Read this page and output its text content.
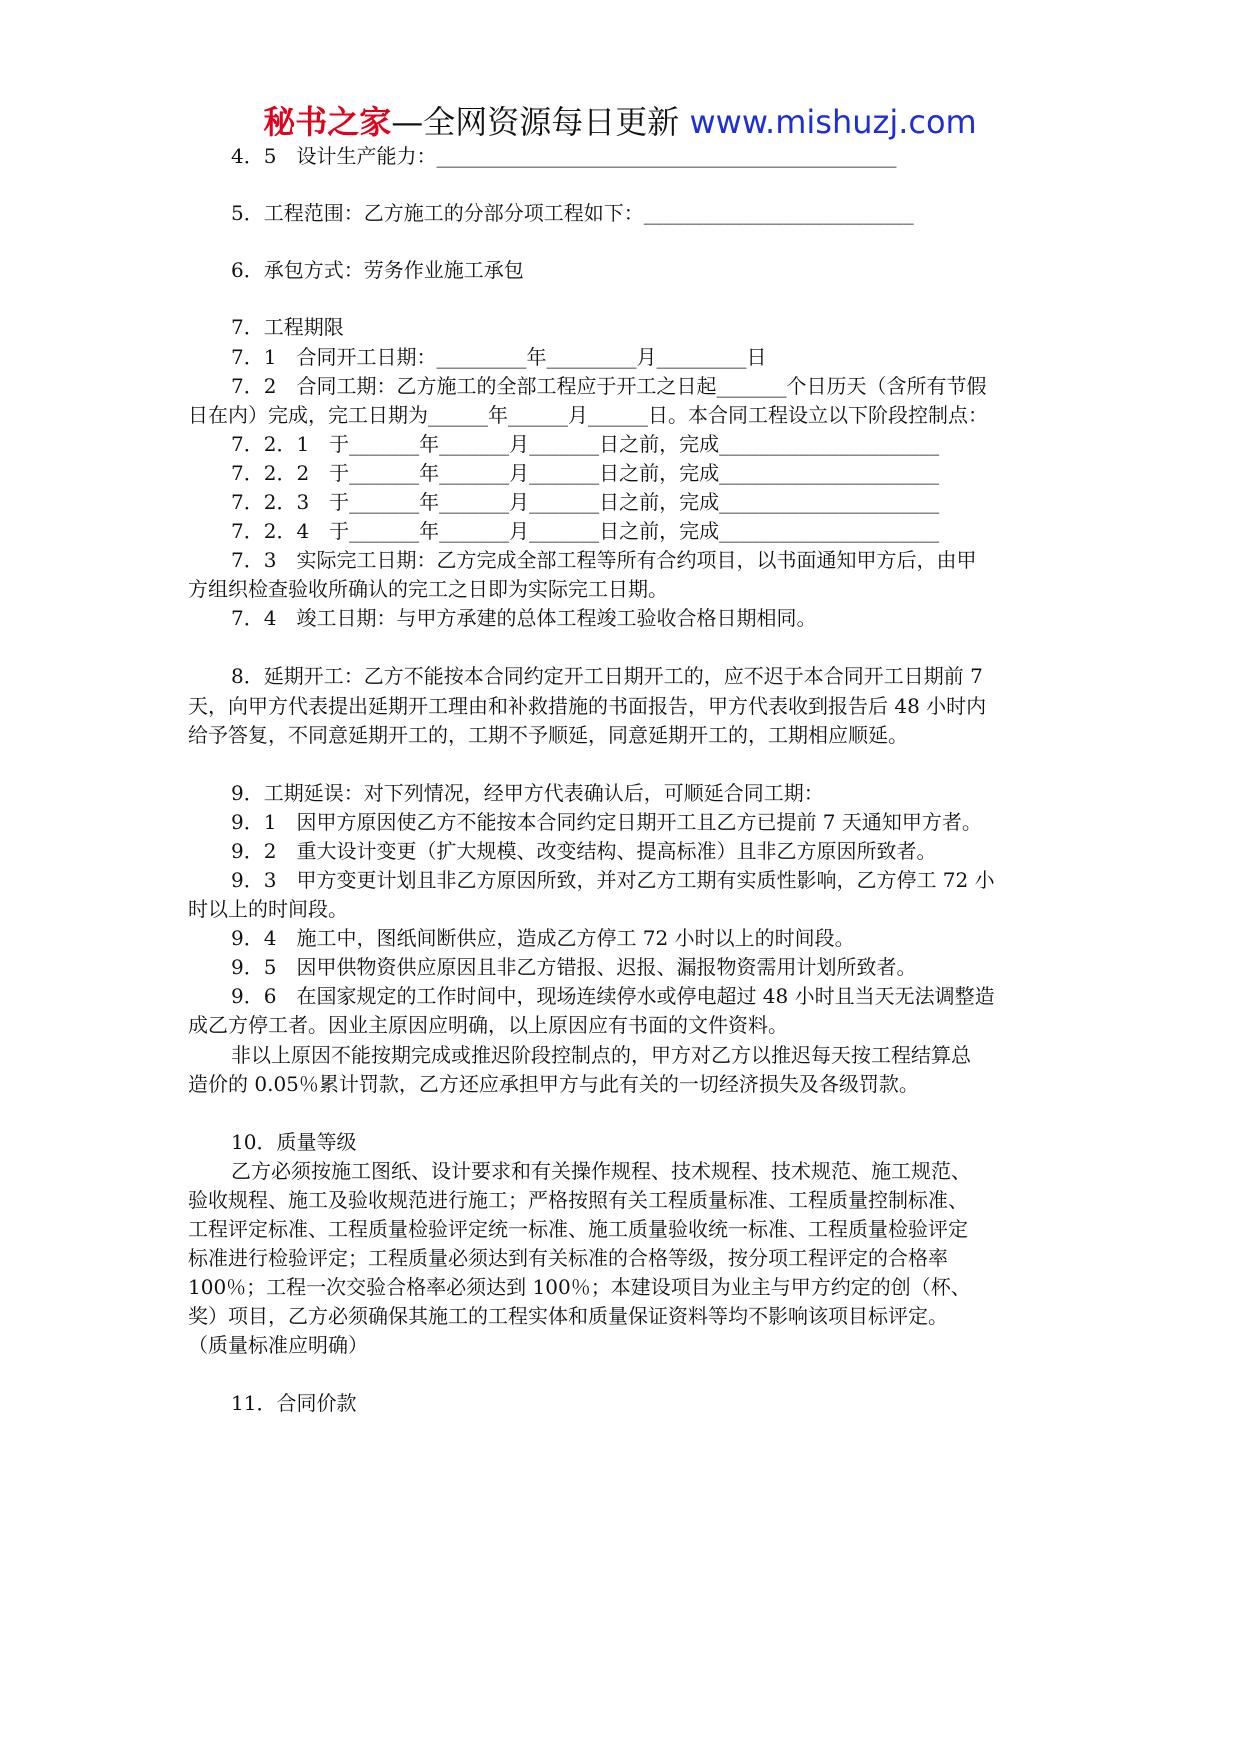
秘书之家—全网资源每日更新 www.mishuzj.com
4．5　设计生产能力：______________________________________________
5．工程范围：乙方施工的分部分项工程如下：___________________________
6．承包方式：劳务作业施工承包
7．工程期限
7．1　合同开工日期：_________年_________月_________日
7．2　合同工期：乙方施工的全部工程应于开工之日起_______个日历天（含所有节假
日在内）完成，完工日期为______年______月______日。本合同工程设立以下阶段控制点：
7．2．1　于_______年_______月_______日之前，完成______________________
7．2．2　于_______年_______月_______日之前，完成______________________
7．2．3　于_______年_______月_______日之前，完成______________________
7．2．4　于_______年_______月_______日之前，完成______________________
7．3　实际完工日期：乙方完成全部工程等所有合约项目，以书面通知甲方后，由甲
方组织检查验收所确认的完工之日即为实际完工日期。
7．4　竣工日期：与甲方承建的总体工程竣工验收合格日期相同。
8．延期开工：乙方不能按本合同约定开工日期开工的，应不迟于本合同开工日期前 7
天，向甲方代表提出延期开工理由和补救措施的书面报告，甲方代表收到报告后 48 小时内
给予答复，不同意延期开工的，工期不予顺延，同意延期开工的，工期相应顺延。
9．工期延误：对下列情况，经甲方代表确认后，可顺延合同工期：
9．1　因甲方原因使乙方不能按本合同约定日期开工且乙方已提前 7 天通知甲方者。
9．2　重大设计变更（扩大规模、改变结构、提高标准）且非乙方原因所致者。
9．3　甲方变更计划且非乙方原因所致，并对乙方工期有实质性影响，乙方停工 72 小
时以上的时间段。
9．4　施工中，图纸间断供应，造成乙方停工 72 小时以上的时间段。
9．5　因甲供物资供应原因且非乙方错报、迟报、漏报物资需用计划所致者。
9．6　在国家规定的工作时间中，现场连续停水或停电超过 48 小时且当天无法调整造
成乙方停工者。因业主原因应明确，以上原因应有书面的文件资料。
非以上原因不能按期完成或推迟阶段控制点的，甲方对乙方以推迟每天按工程结算总
造价的 0.05％累计罚款，乙方还应承担甲方与此有关的一切经济损失及各级罚款。
10．质量等级
乙方必须按施工图纸、设计要求和有关操作规程、技术规程、技术规范、施工规范、
验收规程、施工及验收规范进行施工；严格按照有关工程质量标准、工程质量控制标准、
工程评定标准、工程质量检验评定统一标准、施工质量验收统一标准、工程质量检验评定
标准进行检验评定；工程质量必须达到有关标准的合格等级，按分项工程评定的合格率
100％；工程一次交验合格率必须达到 100％；本建设项目为业主与甲方约定的创（杯、
奖）项目，乙方必须确保其施工的工程实体和质量保证资料等均不影响该项目标评定。
（质量标准应明确）
11．合同价款
